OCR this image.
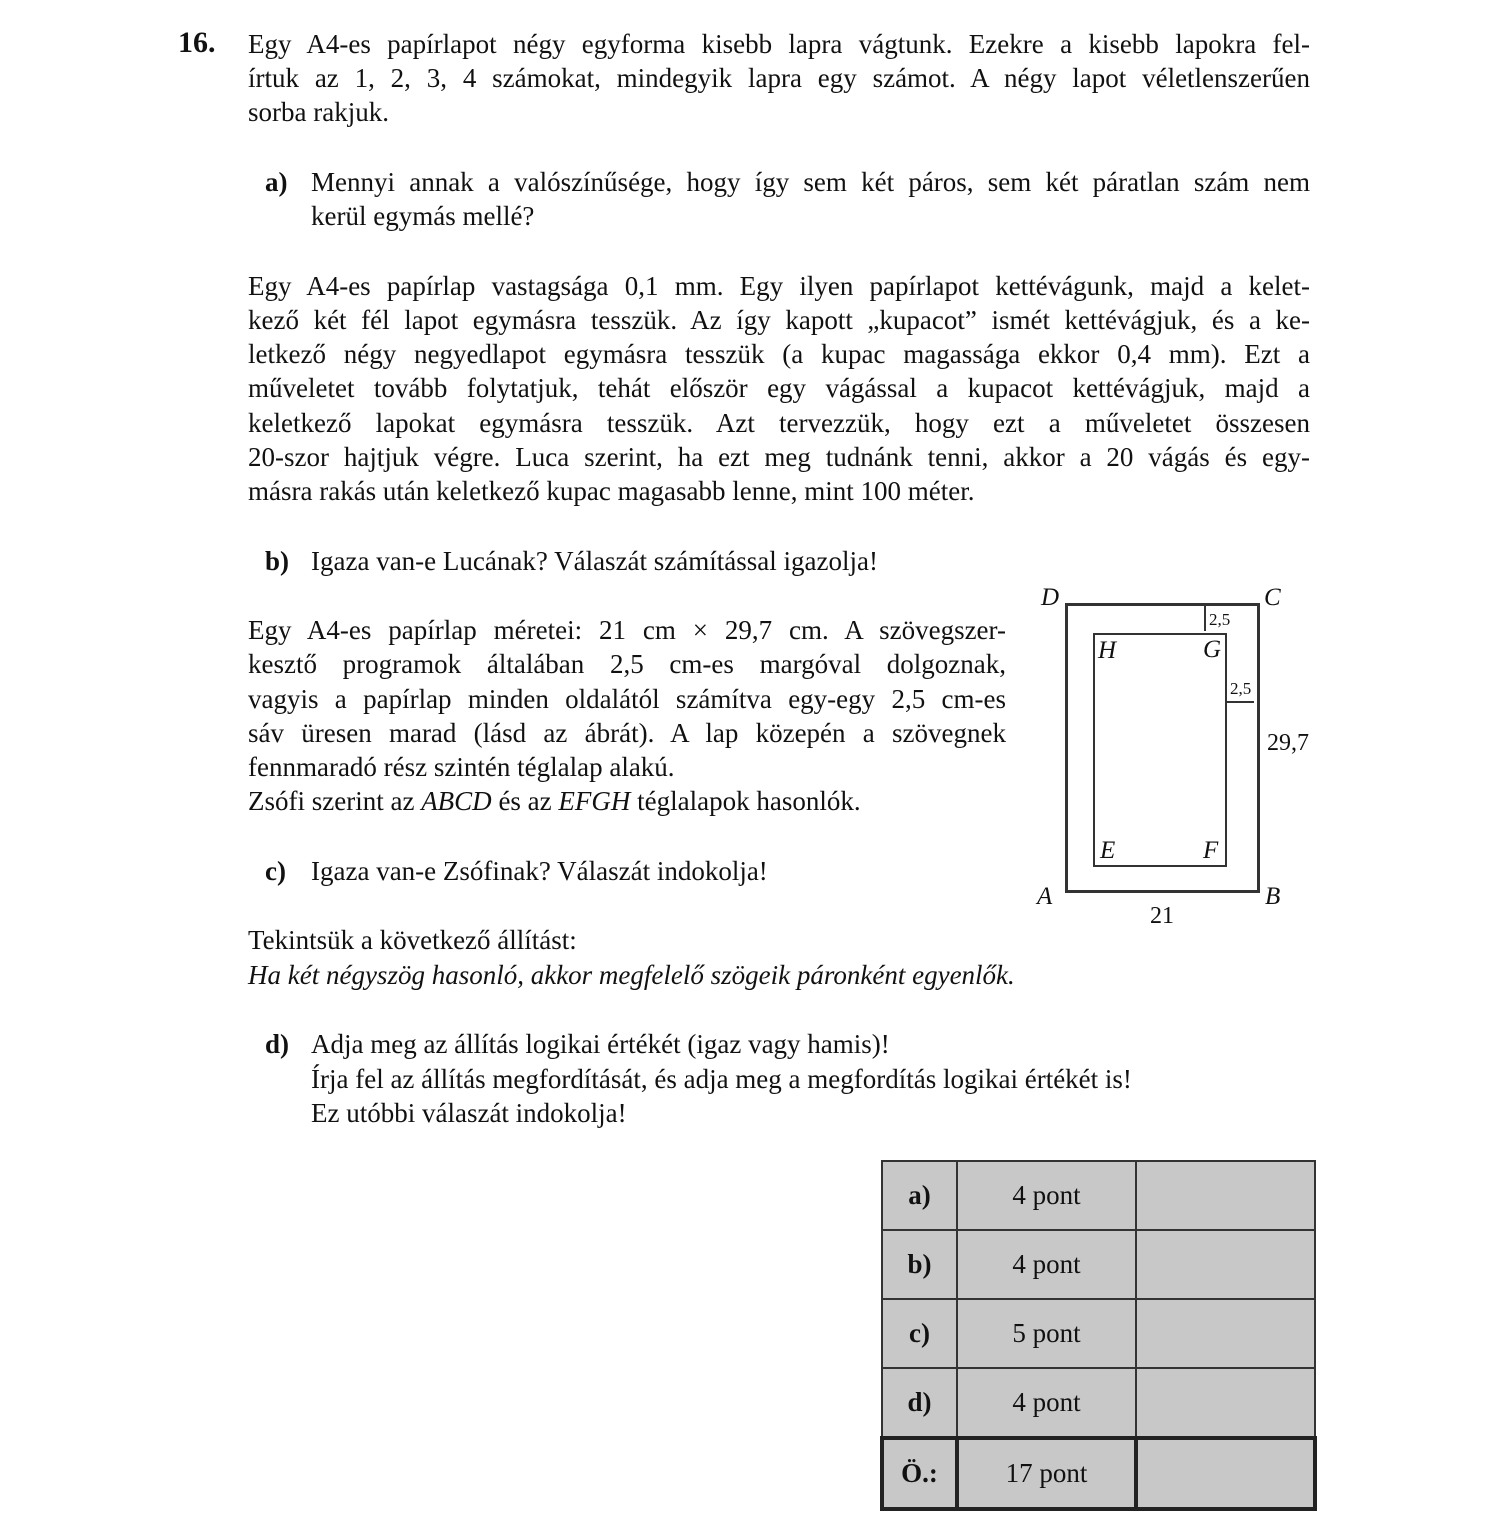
16. Egy A4-es papírlapot négy egyforma kisebb lapra vágtunk. Ezekre a kisebb lapokra fel-
írtuk az 1, 2, 3, 4 számokat, mindegyik lapra egy számot. A négy lapot véletlenszerűen
sorba rakjuk.
a) Mennyi annak a valószínűsége, hogy így sem két páros, sem két páratlan szám nem
kerül egymás mellé?
Egy A4-es papírlap vastagsága 0,1 mm. Egy ilyen papírlapot kettévágunk, majd a kelet-
kező két fél lapot egymásra tesszük. Az így kapott „kupacot” ismét kettévágjuk, és a ke-
letkező négy negyedlapot egymásra tesszük (a kupac magassága ekkor 0,4 mm). Ezt a
műveletet tovább folytatjuk, tehát először egy vágással a kupacot kettévágjuk, majd a
keletkező lapokat egymásra tesszük. Azt tervezzük, hogy ezt a műveletet összesen
20-szor hajtjuk végre. Luca szerint, ha ezt meg tudnánk tenni, akkor a 20 vágás és egy-
másra rakás után keletkező kupac magasabb lenne, mint 100 méter.
b) Igaza van-e Lucának? Válaszát számítással igazolja!
Egy A4-es papírlap méretei: 21 cm × 29,7 cm. A szövegszer-
kesztő programok általában 2,5 cm-es margóval dolgoznak,
vagyis a papírlap minden oldalától számítva egy-egy 2,5 cm-es
sáv üresen marad (lásd az ábrát). A lap közepén a szövegnek
fennmaradó rész szintén téglalap alakú.
Zsófi szerint az ABCD és az EFGH téglalapok hasonlók.
c) Igaza van-e Zsófinak? Válaszát indokolja!
Tekintsük a következő állítást:
Ha két négyszög hasonló, akkor megfelelő szögeik páronként egyenlők.
d) Adja meg az állítás logikai értékét (igaz vagy hamis)!
Írja fel az állítás megfordítását, és adja meg a megfordítás logikai értékét is!
Ez utóbbi válaszát indokolja!
D	C
A	B
H	G
E	F
2,5
2,5
29,7
21
a)	4 pont	
b)	4 pont	
c)	5 pont	
d)	4 pont	
Ö.:	17 pont	
